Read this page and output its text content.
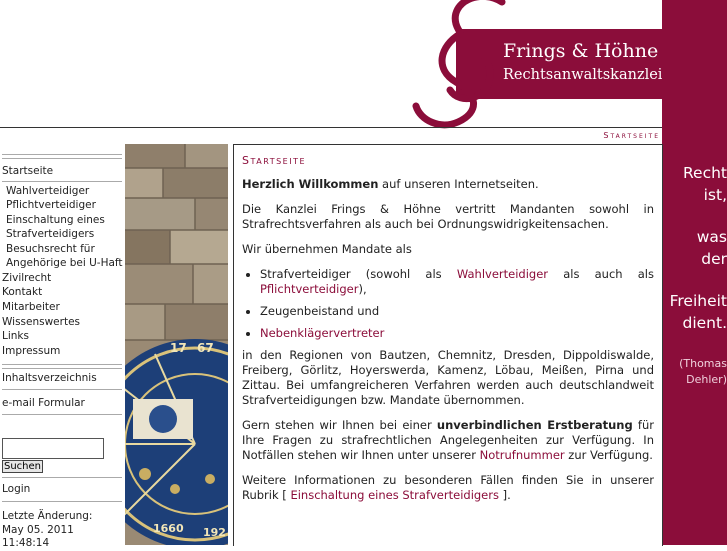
Frings & Höhne
Rechtsanwaltskanzlei
Startseite
Recht
ist,
was
der
Freiheit
dient.
(Thomas
Dehler)
Startseite
Wahlverteidiger
Pflichtverteidiger
Einschaltung eines
Strafverteidigers
Besuchsrecht für
Angehörige bei U-Haft
Zivilrecht
Kontakt
Mitarbeiter
Wissenswertes
Links
Impressum
Inhaltsverzeichnis
e-mail Formular
Suchen
Login
Letzte Änderung:
May 05. 2011
11:48:14
17 67
1660 192
Startseite

Herzlich Willkommen auf unseren Internetseiten.

Die Kanzlei Frings & Höhne vertritt Mandanten sowohl in Strafrechtsverfahren als auch bei Ordnungswidrigkeitensachen.

Wir übernehmen Mandate als

• Strafverteidiger (sowohl als Wahlverteidiger als auch als Pflichtverteidiger),
• Zeugenbeistand und
• Nebenklägervertreter

in den Regionen von Bautzen, Chemnitz, Dresden, Dippoldiswalde, Freiberg, Görlitz, Hoyerswerda, Kamenz, Löbau, Meißen, Pirna und Zittau. Bei umfangreicheren Verfahren werden auch deutschlandweit Strafverteidigungen bzw. Mandate übernommen.

Gern stehen wir Ihnen bei einer unverbindlichen Erstberatung für Ihre Fragen zu strafrechtlichen Angelegenheiten zur Verfügung. In Notfällen stehen wir Ihnen unter unserer Notrufnummer zur Verfügung.

Weitere Informationen zu besonderen Fällen finden Sie in unserer Rubrik [ Einschaltung eines Strafverteidigers ].
